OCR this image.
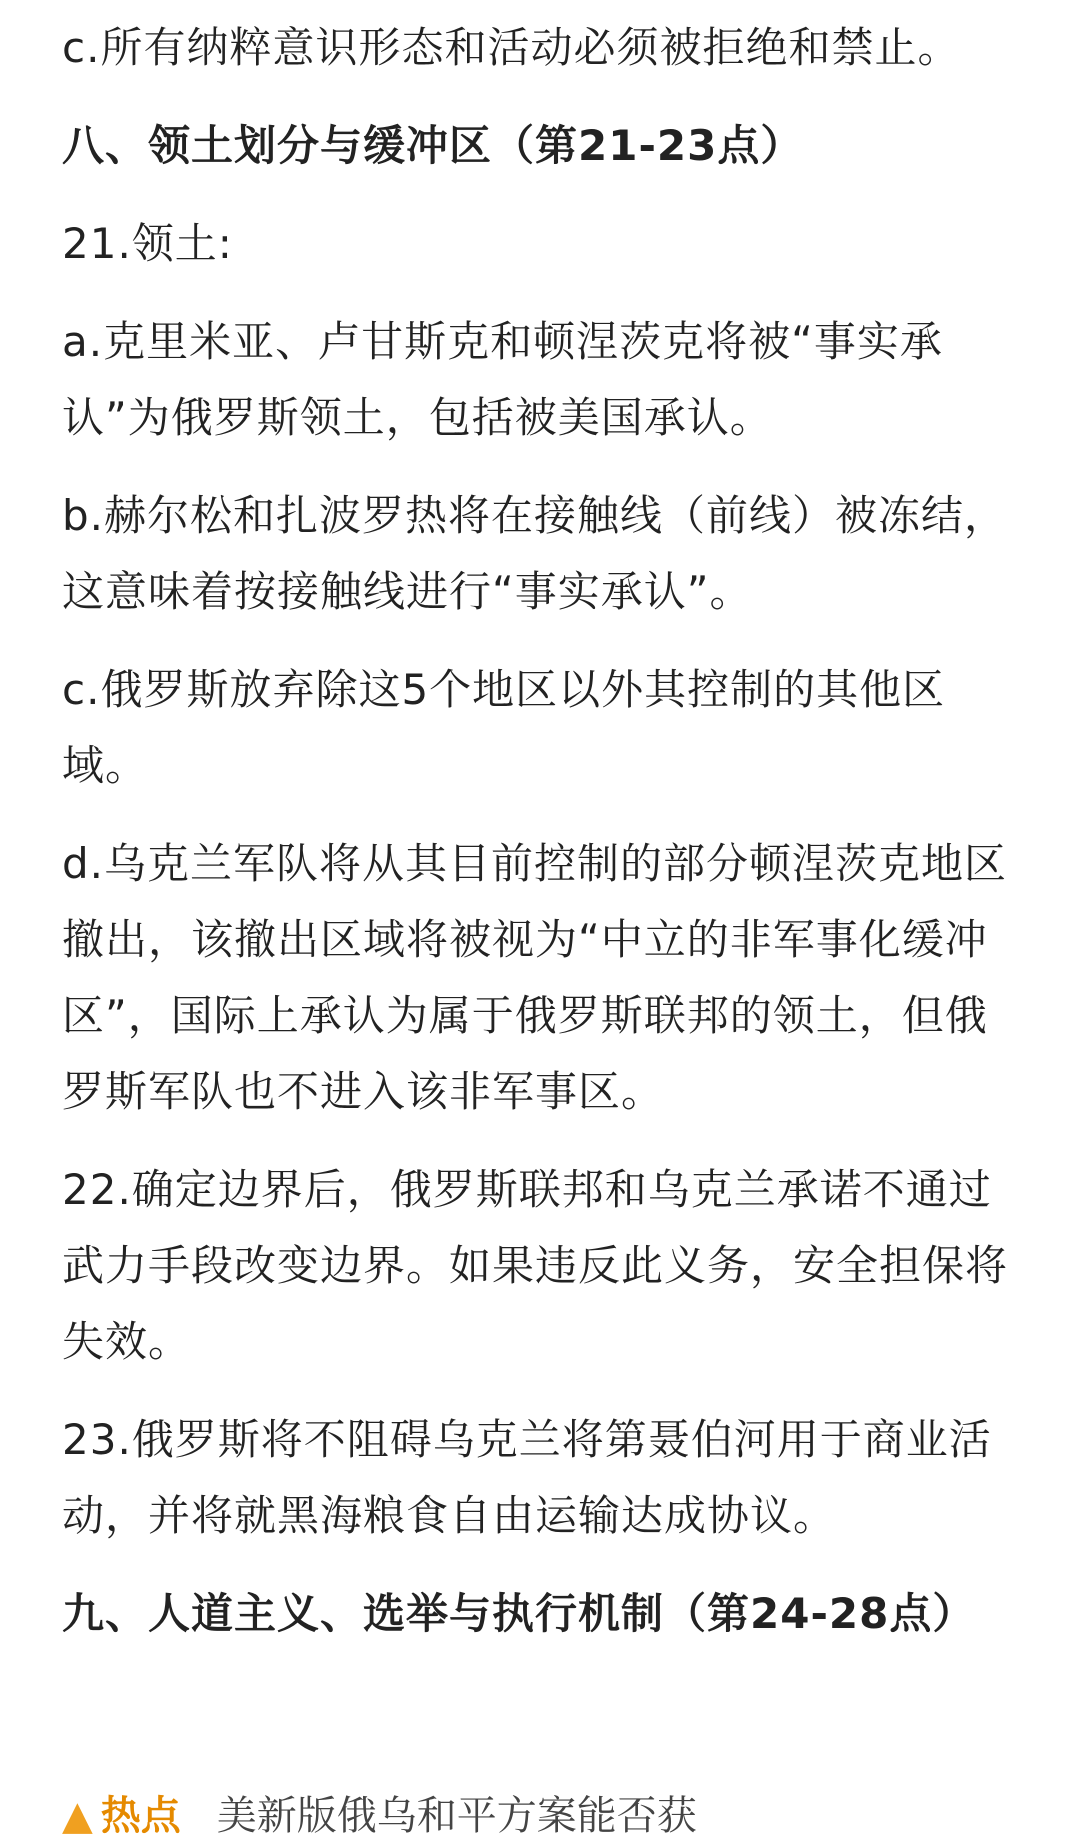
c.所有纳粹意识形态和活动必须被拒绝和禁止。

八、领土划分与缓冲区（第21-23点）

21.领土:

a.克里米亚、卢甘斯克和顿涅茨克将被“事实承认”为俄罗斯领土，包括被美国承认。

b.赫尔松和扎波罗热将在接触线（前线）被冻结，这意味着按接触线进行“事实承认”。

c.俄罗斯放弃除这5个地区以外其控制的其他区域。

d.乌克兰军队将从其目前控制的部分顿涅茨克地区撤出，该撤出区域将被视为“中立的非军事化缓冲区”，国际上承认为属于俄罗斯联邦的领土，但俄罗斯军队也不进入该非军事区。

22.确定边界后，俄罗斯联邦和乌克兰承诺不通过武力手段改变边界。如果违反此义务，安全担保将失效。

23.俄罗斯将不阻碍乌克兰将第聂伯河用于商业活动，并将就黑海粮食自由运输达成协议。

九、人道主义、选举与执行机制（第24-28点）

▲ 热点 美新版俄乌和平方案能否获
